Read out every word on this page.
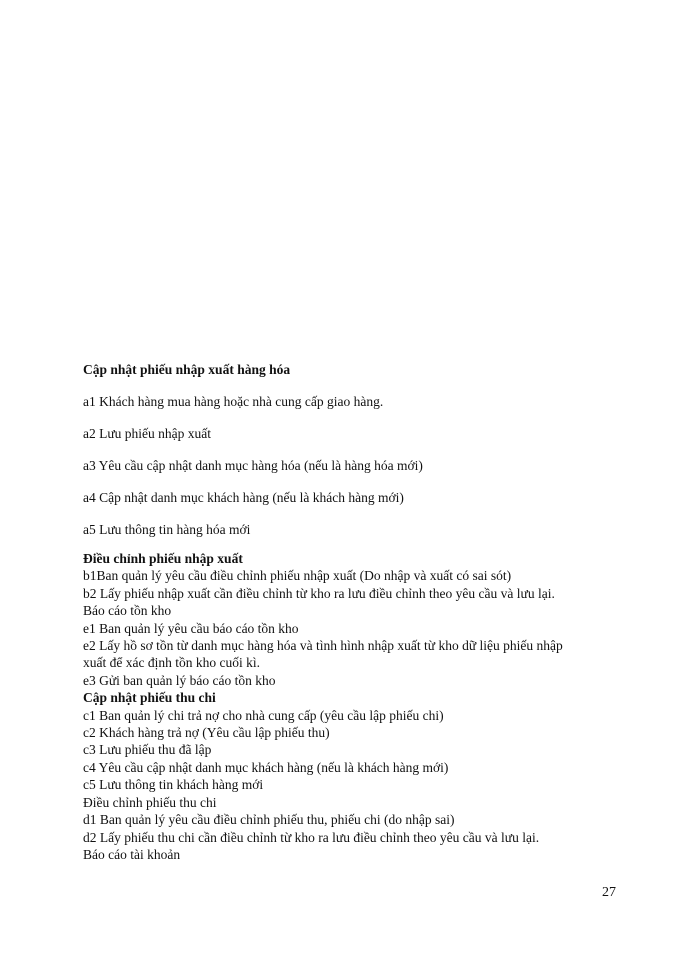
Cập nhật phiếu nhập xuất hàng hóa

a1 Khách hàng mua hàng hoặc nhà cung cấp giao hàng.

a2 Lưu phiếu nhập xuất

a3 Yêu cầu cập nhật danh mục hàng hóa (nếu là hàng hóa mới)

a4 Cập nhật danh mục khách hàng (nếu là khách hàng mới)

a5 Lưu thông tin hàng hóa mới

Điều chỉnh phiếu nhập xuất

b1Ban quản lý yêu cầu điều chỉnh phiếu nhập xuất (Do nhập và xuất có sai sót)

b2 Lấy phiếu nhập xuất cần điều chỉnh từ kho ra lưu điều chỉnh theo yêu cầu và lưu lại.

Báo cáo tồn kho

e1 Ban quản lý yêu cầu báo cáo tồn kho

e2 Lấy hồ sơ tồn từ danh mục hàng hóa và tình hình nhập xuất từ kho dữ liệu phiếu nhập

xuất để xác định tồn kho cuối kì.

e3 Gửi ban quản lý báo cáo tồn kho

Cập nhật phiếu thu chi

c1 Ban quản lý chi trả nợ cho nhà cung cấp (yêu cầu lập phiếu chi)

c2 Khách hàng trả nợ (Yêu cầu lập phiếu thu)

c3 Lưu phiếu thu đã lập

c4 Yêu cầu cập nhật danh mục khách hàng (nếu là khách hàng mới)

c5 Lưu thông tin khách hàng mới

Điều chỉnh phiếu thu chi

d1 Ban quản lý yêu cầu điều chỉnh phiếu thu, phiếu chi (do nhập sai)

d2 Lấy phiếu thu chi cần điều chỉnh từ kho ra lưu điều chỉnh theo yêu cầu và lưu lại.

Báo cáo tài khoản

27
